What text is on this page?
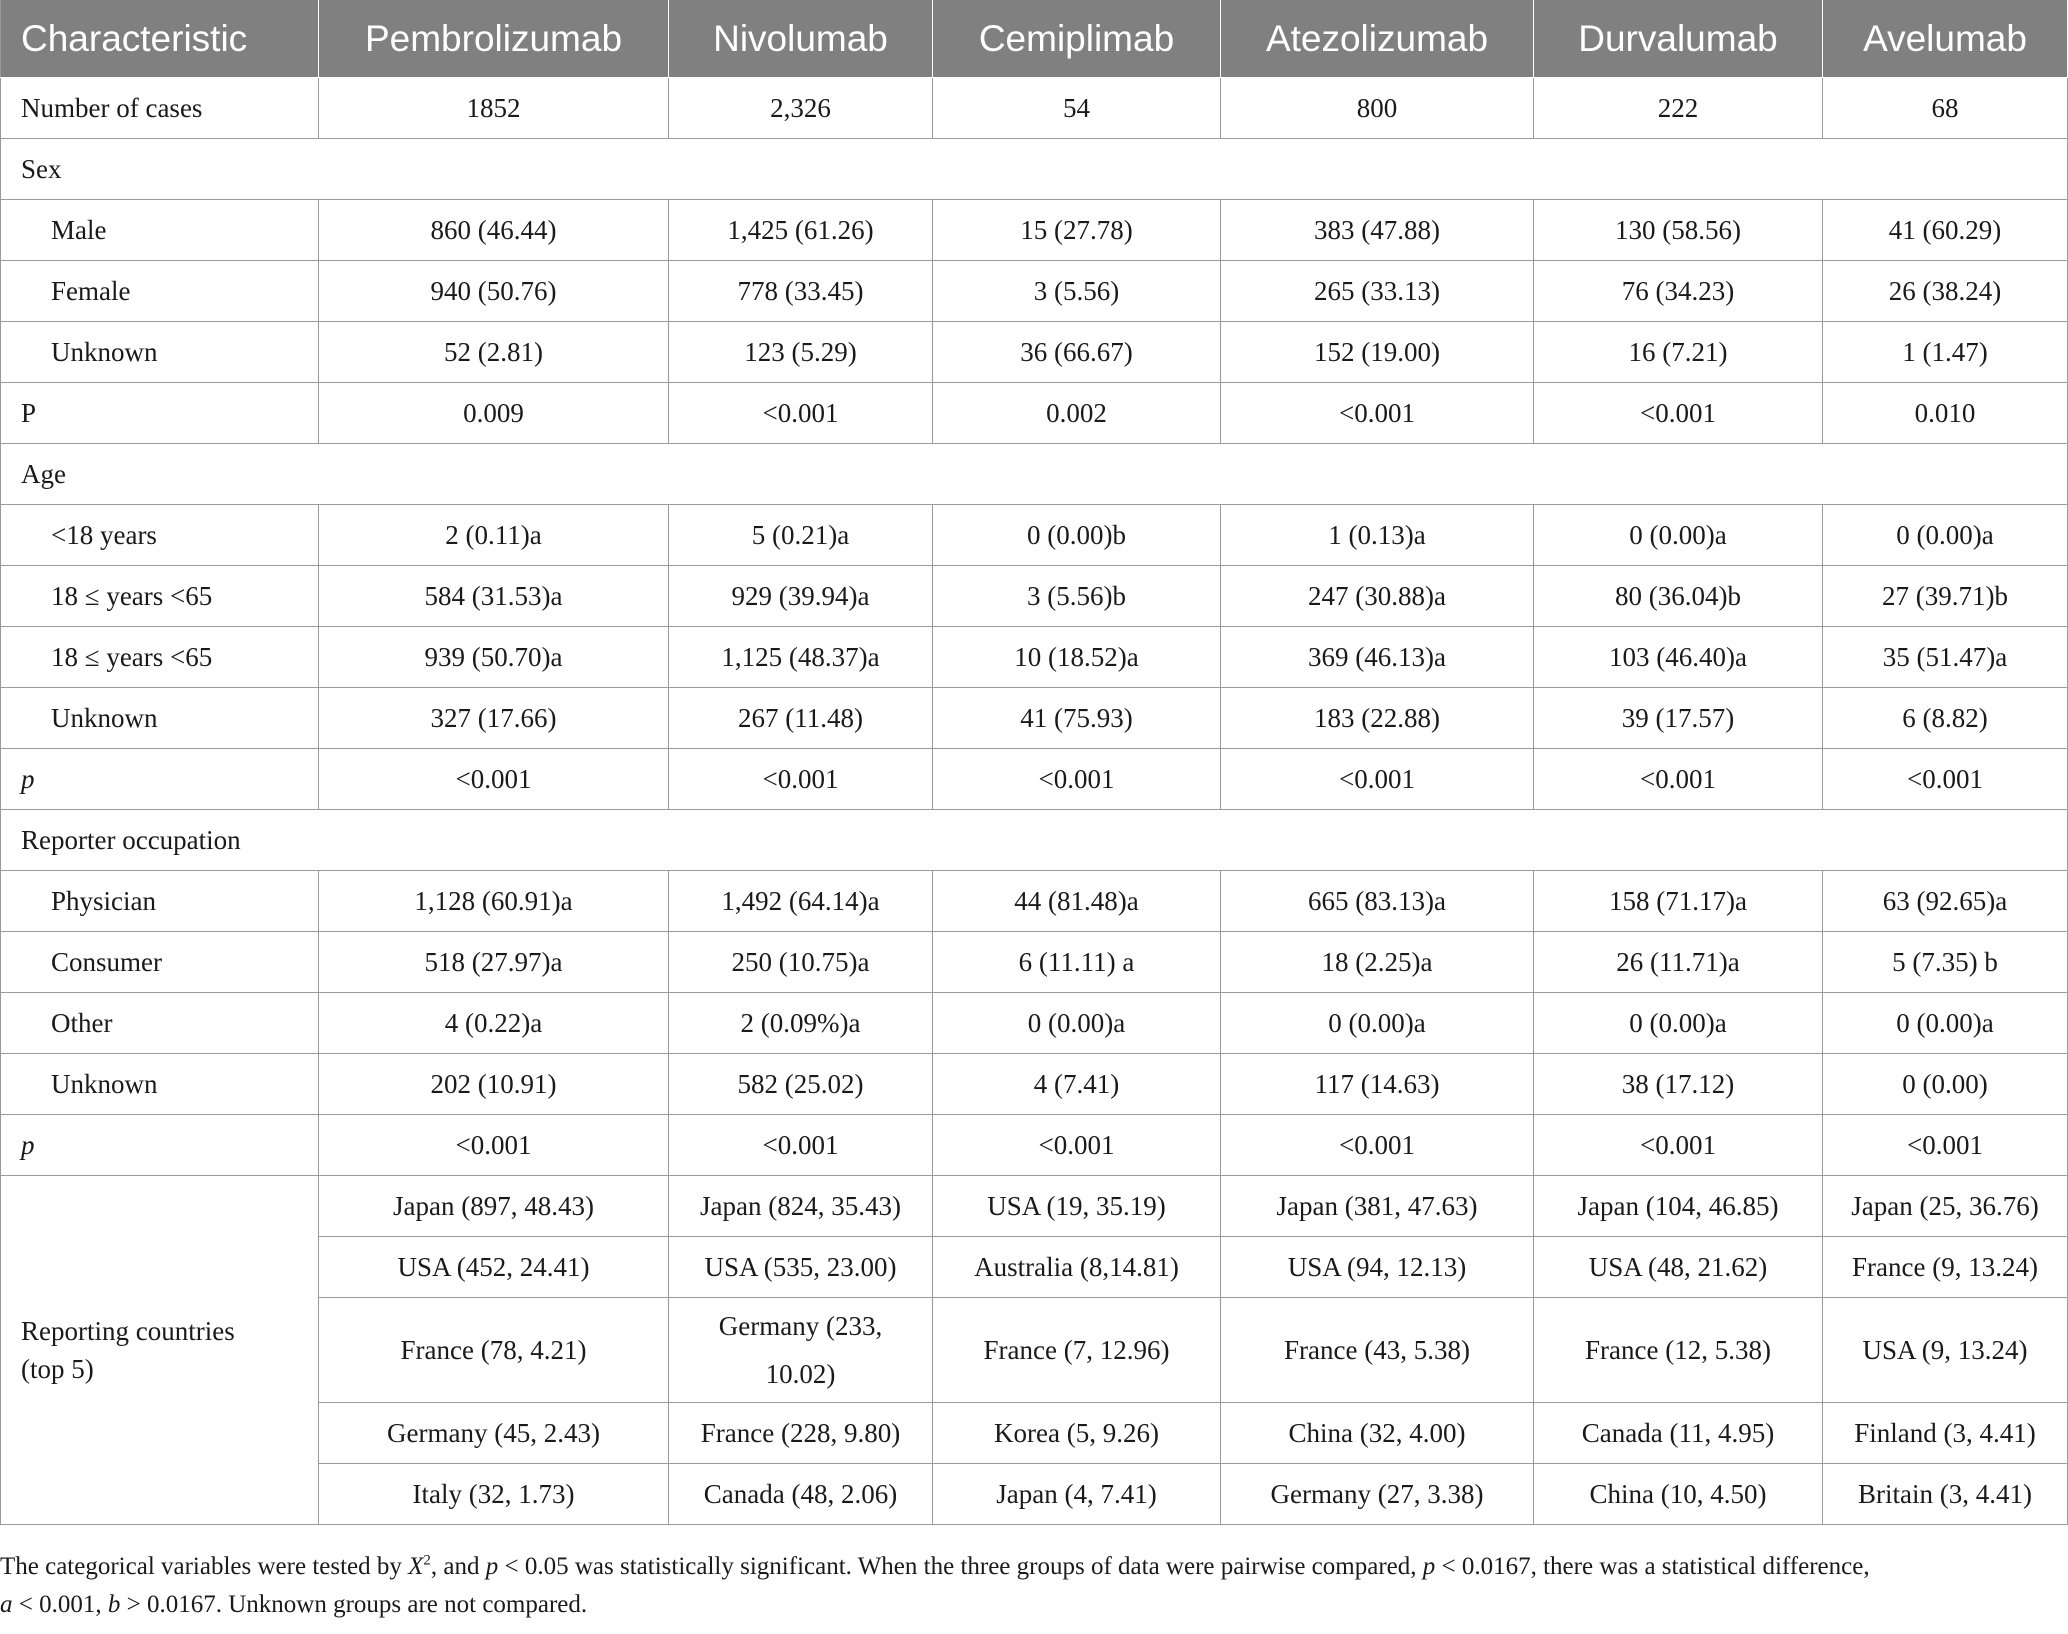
Characteristic	Pembrolizumab	Nivolumab	Cemiplimab	Atezolizumab	Durvalumab	Avelumab
Number of cases	1852	2,326	54	800	222	68
Sex						
Male	860 (46.44)	1,425 (61.26)	15 (27.78)	383 (47.88)	130 (58.56)	41 (60.29)
Female	940 (50.76)	778 (33.45)	3 (5.56)	265 (33.13)	76 (34.23)	26 (38.24)
Unknown	52 (2.81)	123 (5.29)	36 (66.67)	152 (19.00)	16 (7.21)	1 (1.47)
P	0.009	<0.001	0.002	<0.001	<0.001	0.010
Age						
<18 years	2 (0.11)a	5 (0.21)a	0 (0.00)b	1 (0.13)a	0 (0.00)a	0 (0.00)a
18 ≤ years <65	584 (31.53)a	929 (39.94)a	3 (5.56)b	247 (30.88)a	80 (36.04)b	27 (39.71)b
18 ≤ years <65	939 (50.70)a	1,125 (48.37)a	10 (18.52)a	369 (46.13)a	103 (46.40)a	35 (51.47)a
Unknown	327 (17.66)	267 (11.48)	41 (75.93)	183 (22.88)	39 (17.57)	6 (8.82)
p	<0.001	<0.001	<0.001	<0.001	<0.001	<0.001
Reporter occupation						
Physician	1,128 (60.91)a	1,492 (64.14)a	44 (81.48)a	665 (83.13)a	158 (71.17)a	63 (92.65)a
Consumer	518 (27.97)a	250 (10.75)a	6 (11.11) a	18 (2.25)a	26 (11.71)a	5 (7.35) b
Other	4 (0.22)a	2 (0.09%)a	0 (0.00)a	0 (0.00)a	0 (0.00)a	0 (0.00)a
Unknown	202 (10.91)	582 (25.02)	4 (7.41)	117 (14.63)	38 (17.12)	0 (0.00)
p	<0.001	<0.001	<0.001	<0.001	<0.001	<0.001
Reporting countries
(top 5)	Japan (897, 48.43)	Japan (824, 35.43)	USA (19, 35.19)	Japan (381, 47.63)	Japan (104, 46.85)	Japan (25, 36.76)
	USA (452, 24.41)	USA (535, 23.00)	Australia (8,14.81)	USA (94, 12.13)	USA (48, 21.62)	France (9, 13.24)
	France (78, 4.21)	Germany (233, 10.02)	France (7, 12.96)	France (43, 5.38)	France (12, 5.38)	USA (9, 13.24)
	Germany (45, 2.43)	France (228, 9.80)	Korea (5, 9.26)	China (32, 4.00)	Canada (11, 4.95)	Finland (3, 4.41)
	Italy (32, 1.73)	Canada (48, 2.06)	Japan (4, 7.41)	Germany (27, 3.38)	China (10, 4.50)	Britain (3, 4.41)
The categorical variables were tested by $X^2$, and p < 0.05 was statistically significant. When the three groups of data were pairwise compared, p < 0.0167, there was a statistical difference,
a < 0.001, b > 0.0167. Unknown groups are not compared.
